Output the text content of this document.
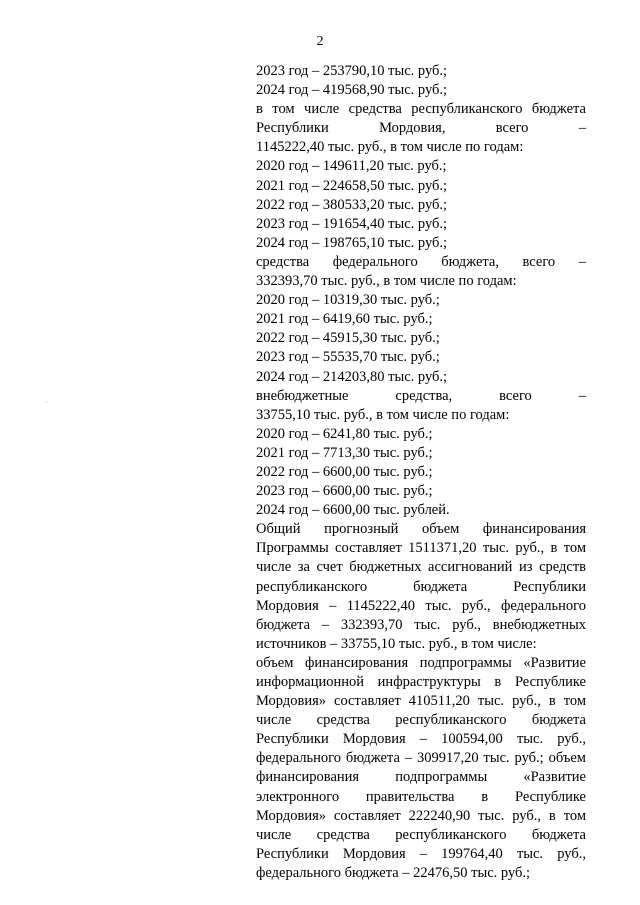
2
2023 год – 253790,10 тыс. руб.;
2024 год – 419568,90 тыс. руб.;
в том числе средства республиканского бюджета
Республики Мордовия, всего –
1145222,40 тыс. руб., в том числе по годам:
2020 год – 149611,20 тыс. руб.;
2021 год – 224658,50 тыс. руб.;
2022 год – 380533,20 тыс. руб.;
2023 год – 191654,40 тыс. руб.;
2024 год – 198765,10 тыс. руб.;
средства федерального бюджета, всего –
332393,70 тыс. руб., в том числе по годам:
2020 год – 10319,30 тыс. руб.;
2021 год – 6419,60 тыс. руб.;
2022 год – 45915,30 тыс. руб.;
2023 год – 55535,70 тыс. руб.;
2024 год – 214203,80 тыс. руб.;
внебюджетные средства, всего –
33755,10 тыс. руб., в том числе по годам:
2020 год – 6241,80 тыс. руб.;
2021 год – 7713,30 тыс. руб.;
2022 год – 6600,00 тыс. руб.;
2023 год – 6600,00 тыс. руб.;
2024 год – 6600,00 тыс. рублей.
Общий прогнозный объем финансирования
Программы составляет 1511371,20 тыс. руб., в том
числе за счет бюджетных ассигнований из средств
республиканского бюджета Республики
Мордовия – 1145222,40 тыс. руб., федерального
бюджета – 332393,70 тыс. руб., внебюджетных
источников – 33755,10 тыс. руб., в том числе:
объем финансирования подпрограммы «Развитие
информационной инфраструктуры в Республике
Мордовия» составляет 410511,20 тыс. руб., в том
числе средства республиканского бюджета
Республики Мордовия – 100594,00 тыс. руб.,
федерального бюджета – 309917,20 тыс. руб.; объем
финансирования подпрограммы «Развитие
электронного правительства в Республике
Мордовия» составляет 222240,90 тыс. руб., в том
числе средства республиканского бюджета
Республики Мордовия – 199764,40 тыс. руб.,
федерального бюджета – 22476,50 тыс. руб.;
